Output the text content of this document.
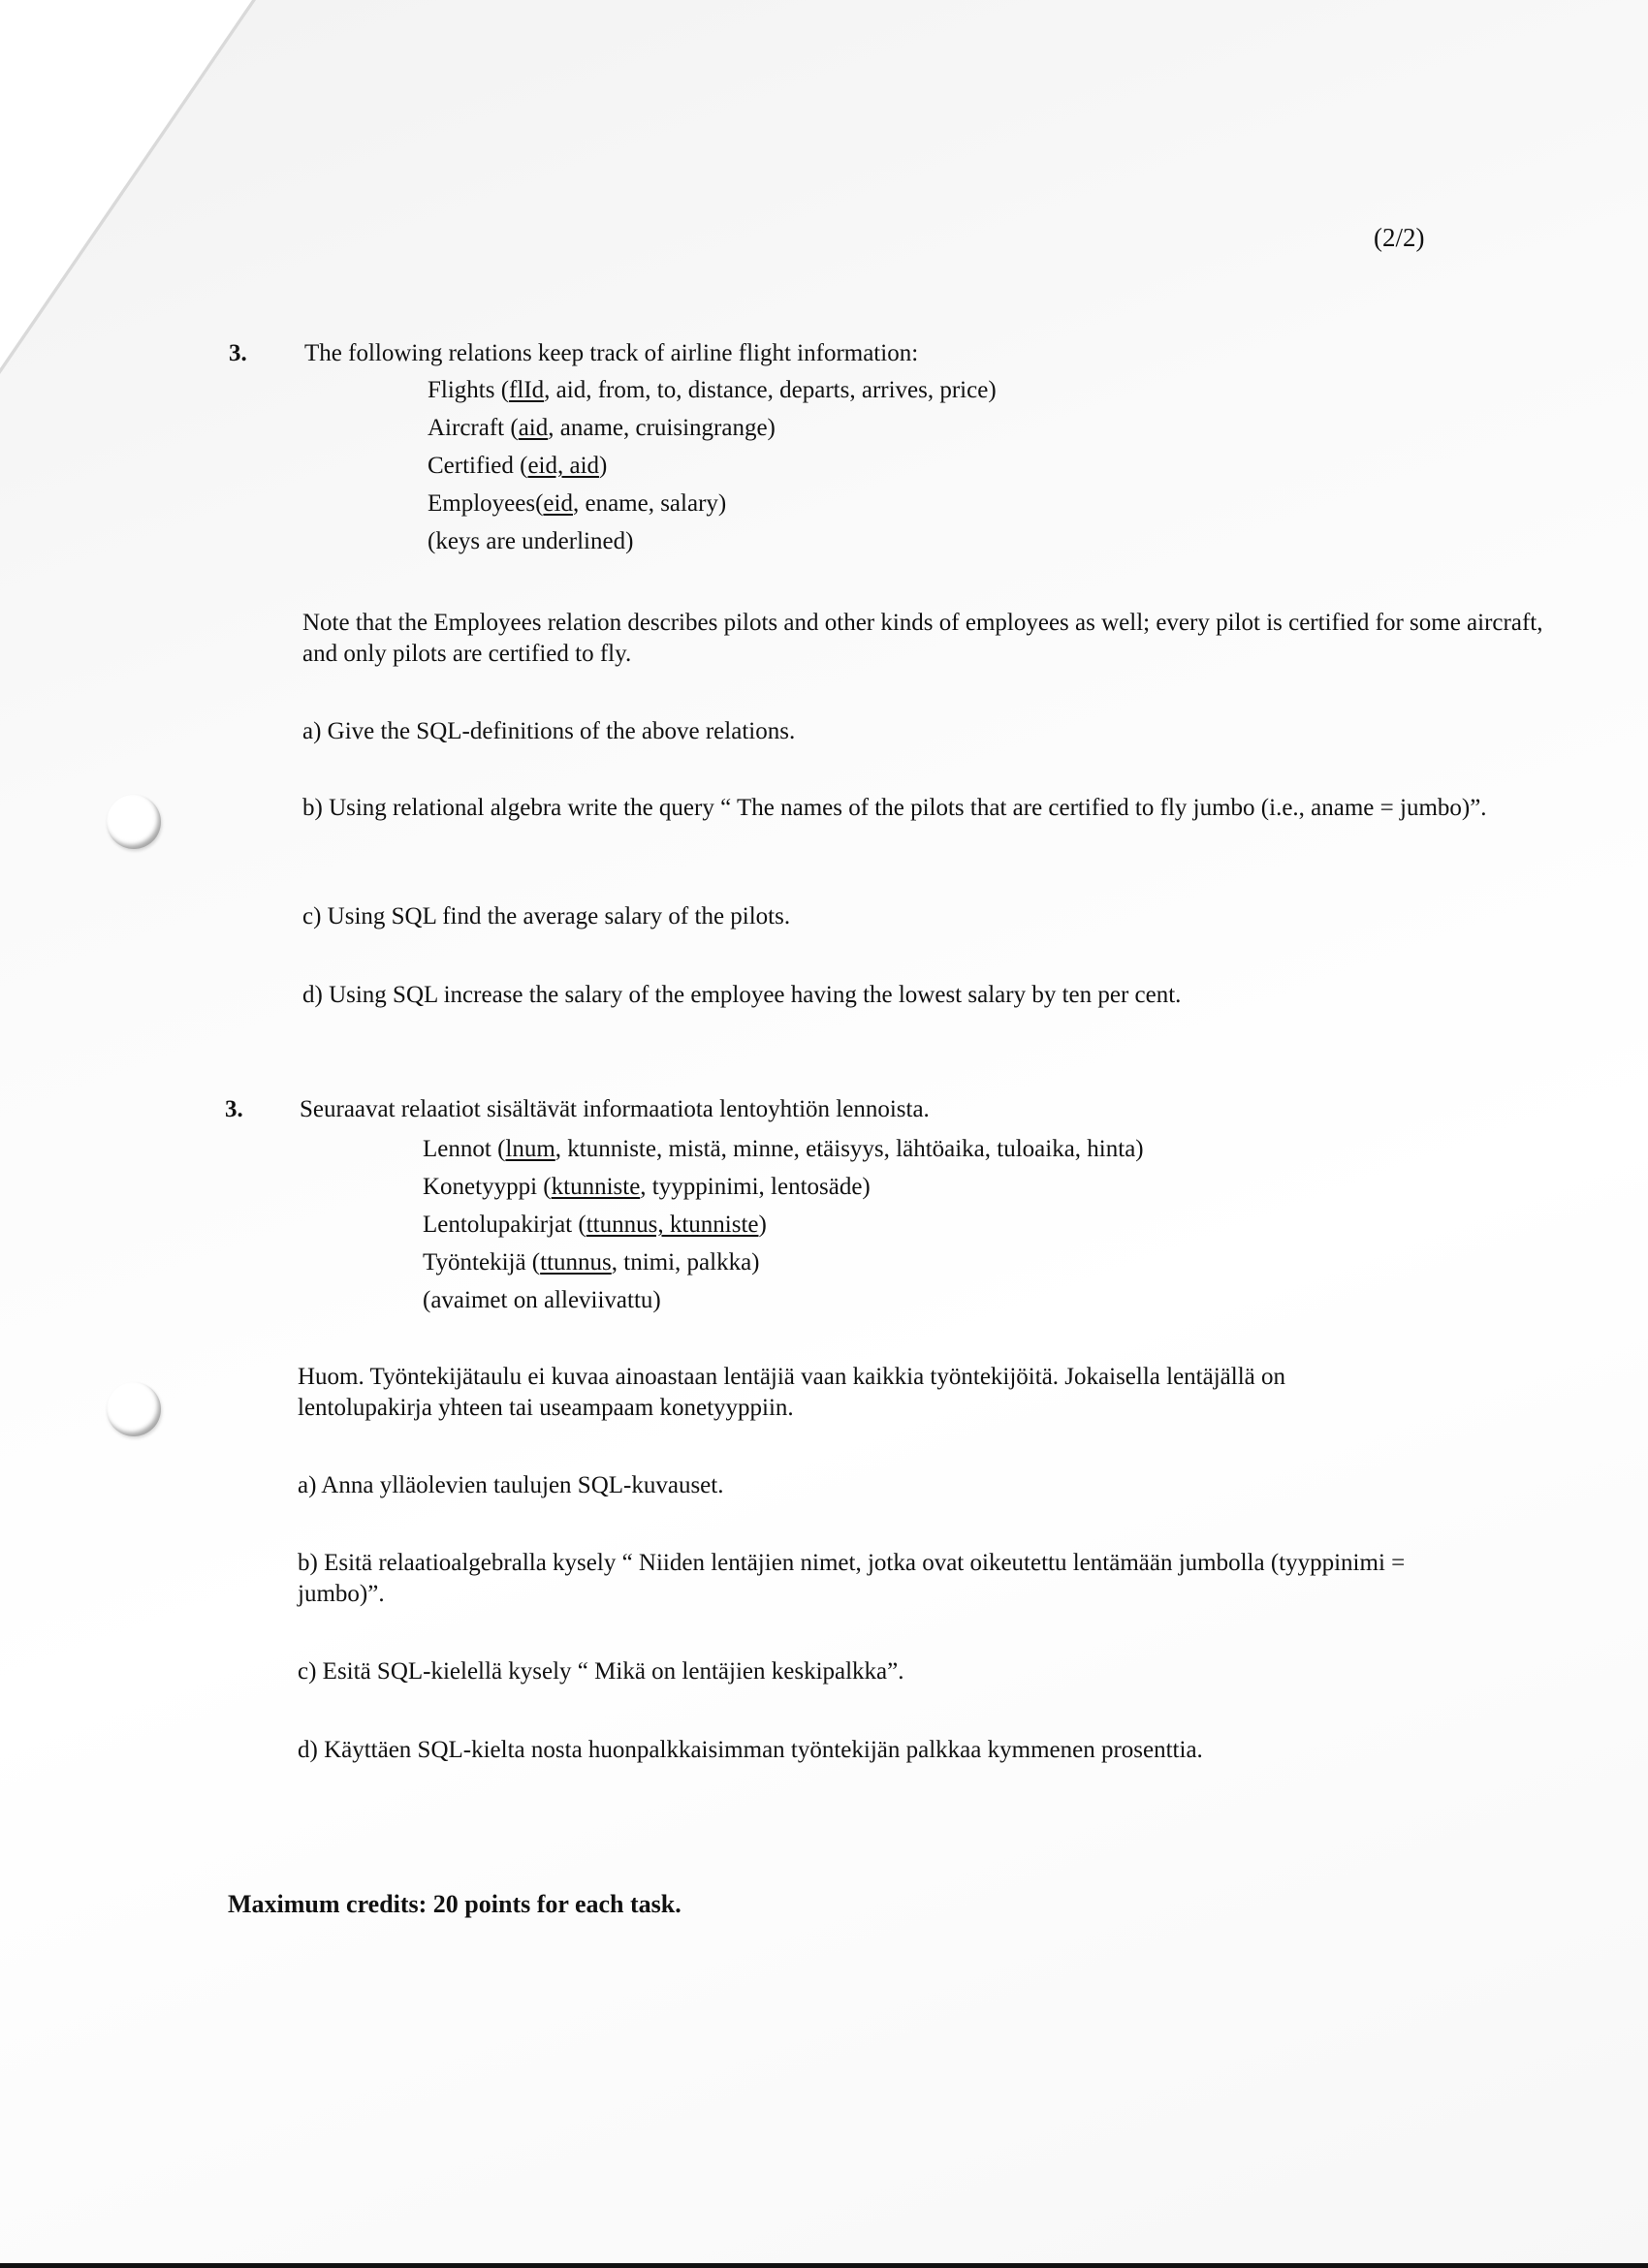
(2/2)
3. The following relations keep track of airline flight information:
Flights (flId, aid, from, to, distance, departs, arrives, price)
Aircraft (aid, aname, cruisingrange)
Certified (eid, aid)
Employees(eid, ename, salary)
(keys are underlined)
Note that the Employees relation describes pilots and other kinds of employees as well; every pilot is certified for some aircraft, and only pilots are certified to fly.
a) Give the SQL-definitions of the above relations.
b) Using relational algebra write the query “ The names of the pilots that are certified to fly jumbo (i.e., aname = jumbo)”.
c) Using SQL find the average salary of the pilots.
d) Using SQL increase the salary of the employee having the lowest salary by ten per cent.
3. Seuraavat relaatiot sisältävät informaatiota lentoyhtiön lennoista.
Lennot (lnum, ktunniste, mistä, minne, etäisyys, lähtöaika, tuloaika, hinta)
Konetyyppi (ktunniste, tyyppinimi, lentosäde)
Lentolupakirjat (ttunnus, ktunniste)
Työntekijä (ttunnus, tnimi, palkka)
(avaimet on alleviivattu)
Huom. Työntekijätaulu ei kuvaa ainoastaan lentäjiä vaan kaikkia työntekijöitä. Jokaisella lentäjällä on lentolupakirja yhteen tai useampaam konetyyppiin.
a) Anna ylläolevien taulujen SQL-kuvauset.
b) Esitä relaatioalgebralla kysely “ Niiden lentäjien nimet, jotka ovat oikeutettu lentämään jumbolla (tyyppinimi = jumbo)”.
c) Esitä SQL-kielellä kysely “ Mikä on lentäjien keskipalkka”.
d) Käyttäen SQL-kielta nosta huonpalkkaisimman työntekijän palkkaa kymmenen prosenttia.
Maximum credits: 20 points for each task.
